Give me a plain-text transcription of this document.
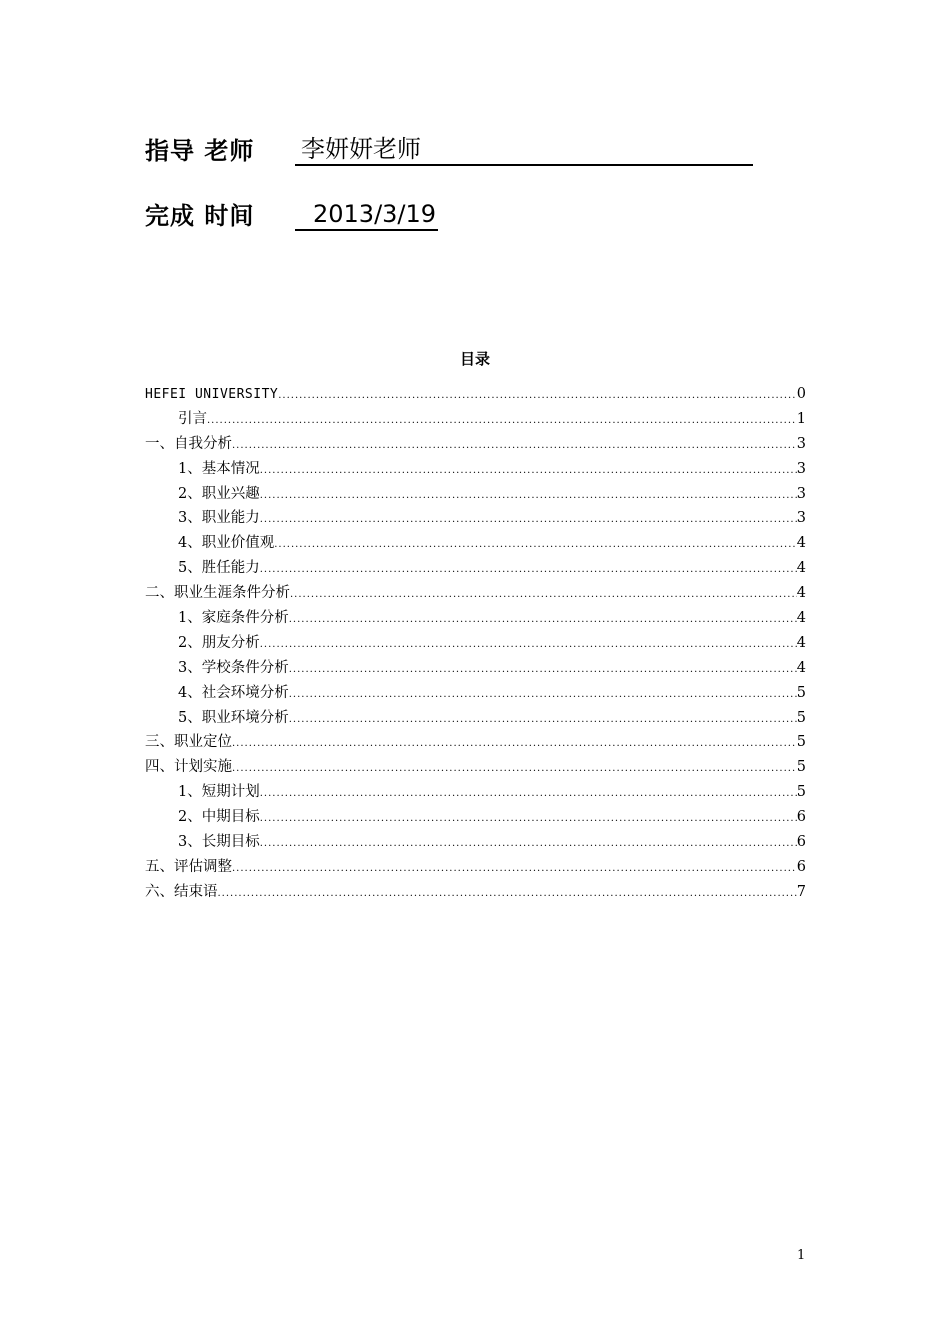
指导 老师	李妍妍老师
完成 时间	2013/3/19
目录
HEFEI UNIVERSITY .....	0
引言 .....	1
一、自我分析 .....	3
1、基本情况 .....	3
2、职业兴趣 .....	3
3、职业能力 .....	3
4、职业价值观 .....	4
5、胜任能力 .....	4
二、职业生涯条件分析 .....	4
1、家庭条件分析 .....	4
2、朋友分析 .....	4
3、学校条件分析 .....	4
4、社会环境分析 .....	5
5、职业环境分析 .....	5
三、职业定位 .....	5
四、计划实施 .....	5
1、短期计划 .....	5
2、中期目标 .....	6
3、长期目标 .....	6
五、评估调整 .....	6
六、结束语 .....	7
1
